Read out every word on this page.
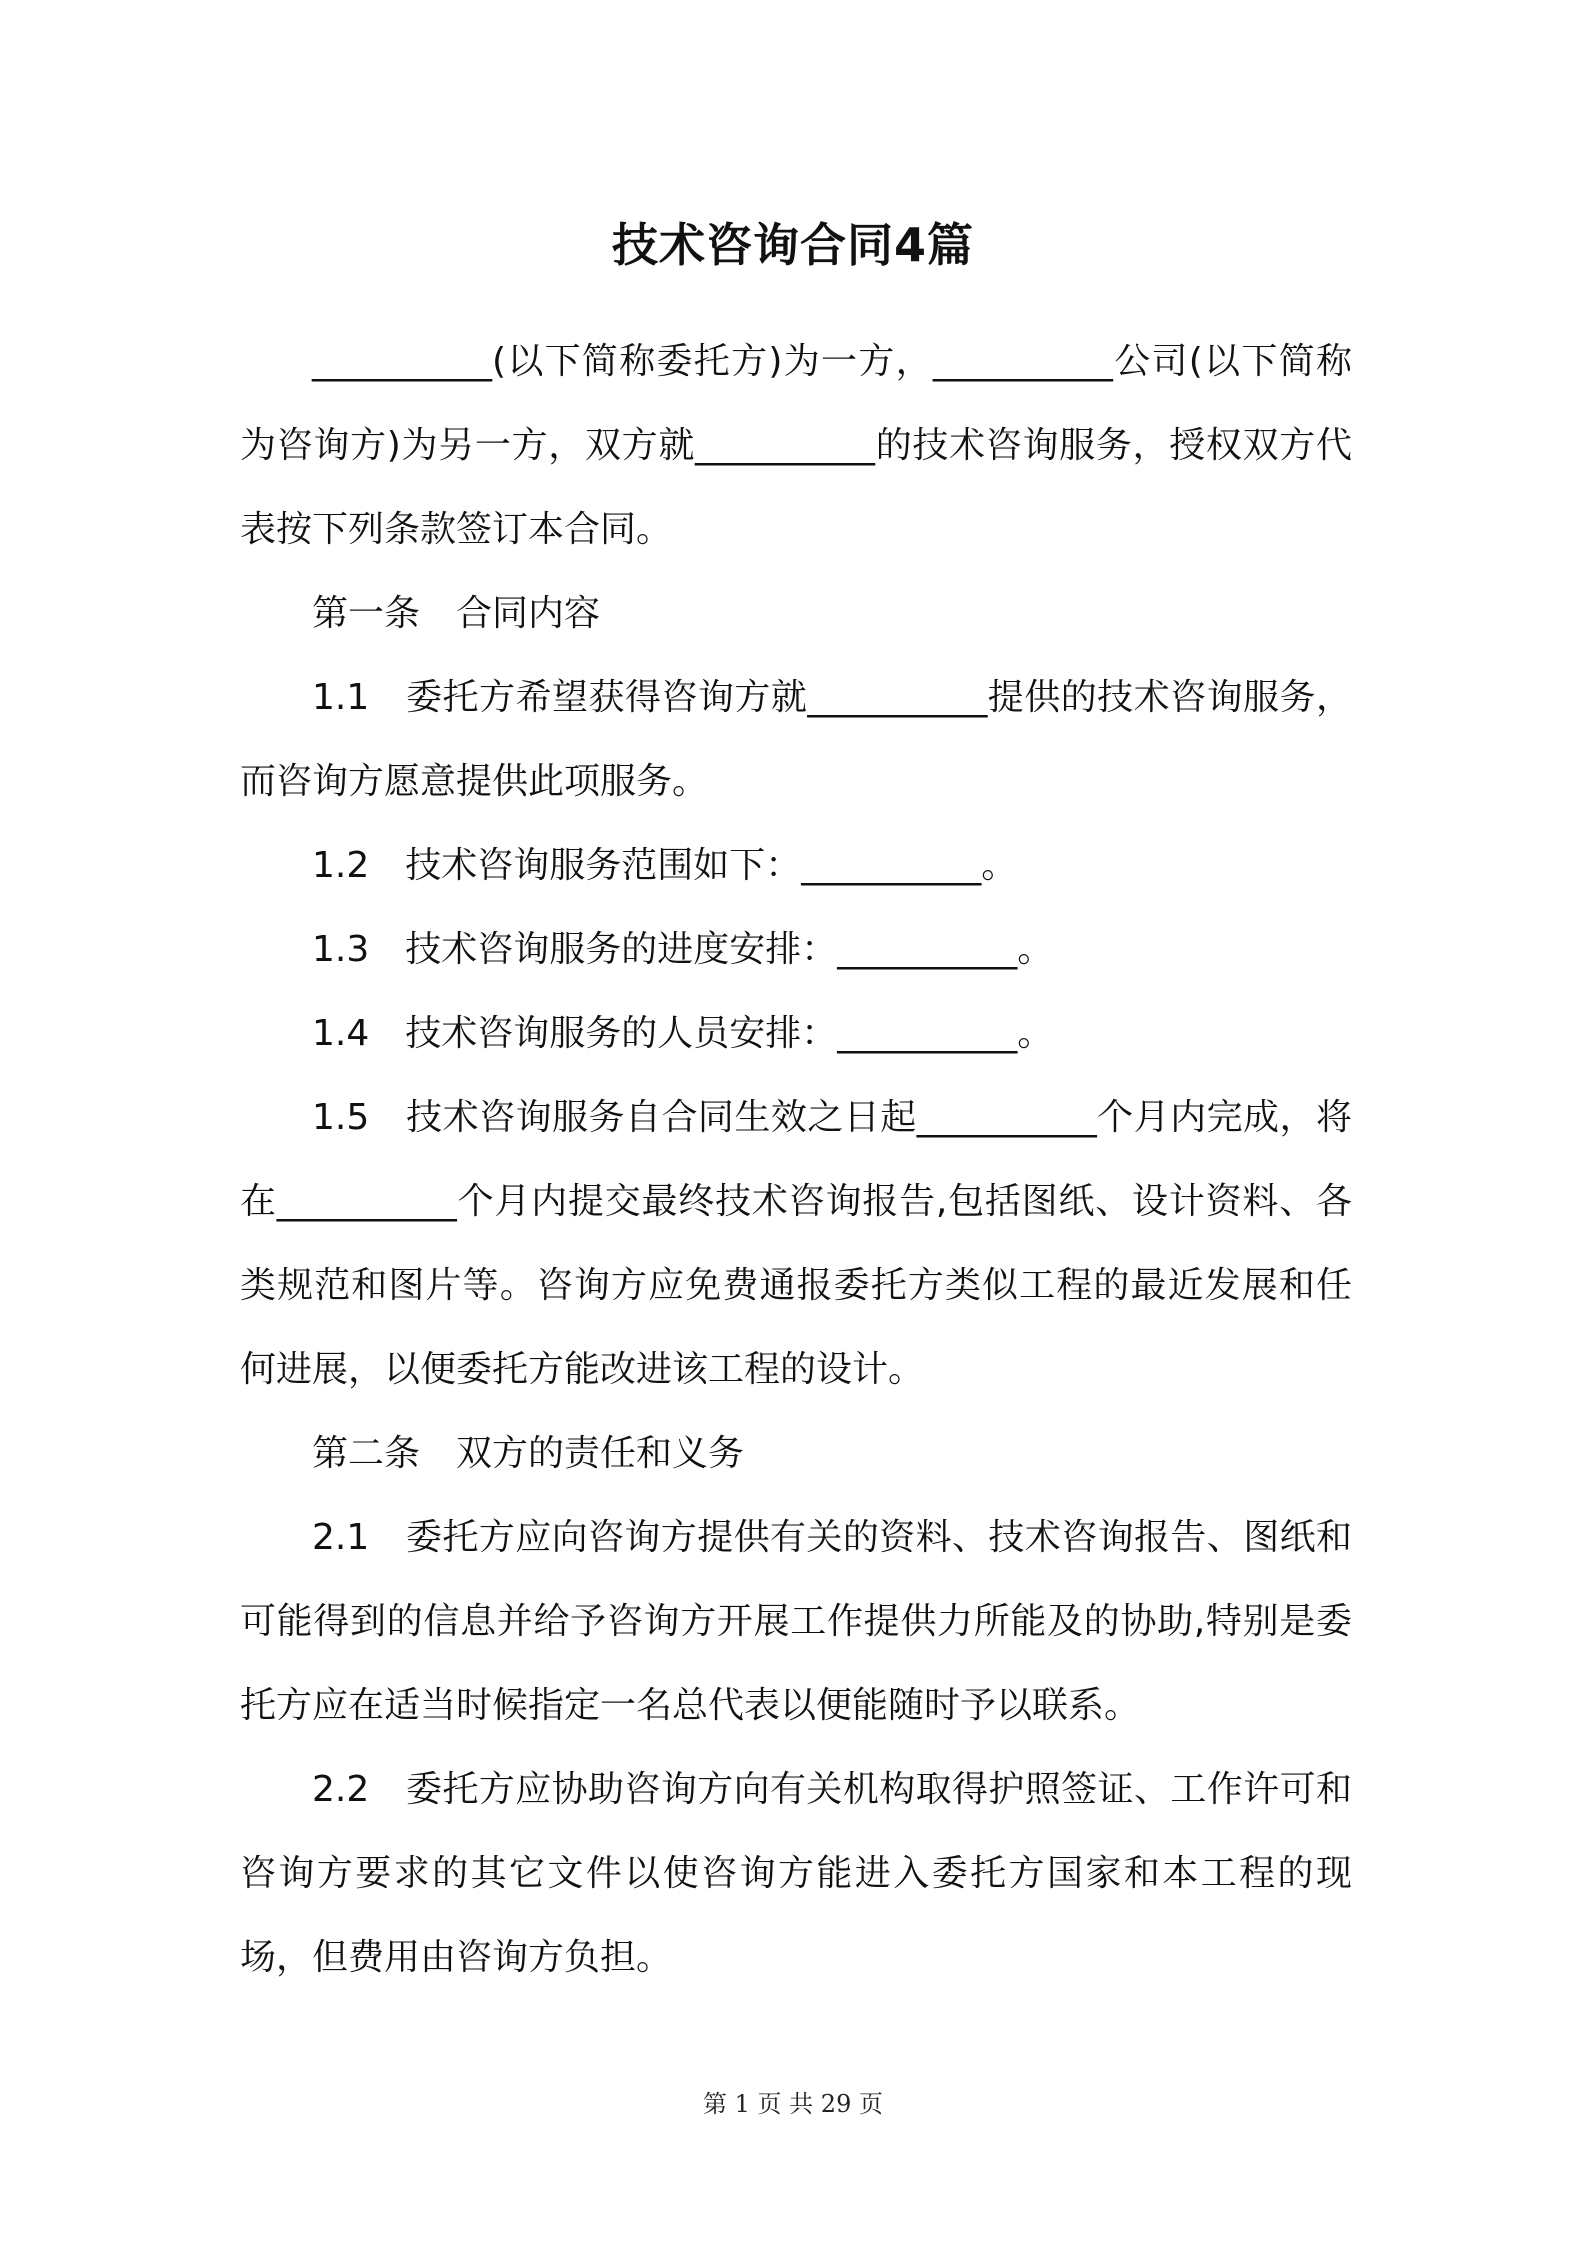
技术咨询合同4篇

__________(以下简称委托方)为一方，__________公司(以下简称为咨询方)为另一方，双方就__________的技术咨询服务，授权双方代表按下列条款签订本合同。

第一条　合同内容

1.1　委托方希望获得咨询方就__________提供的技术咨询服务，而咨询方愿意提供此项服务。

1.2　技术咨询服务范围如下：__________。

1.3　技术咨询服务的进度安排：__________。

1.4　技术咨询服务的人员安排：__________。

1.5　技术咨询服务自合同生效之日起__________个月内完成，将在__________个月内提交最终技术咨询报告,包括图纸、设计资料、各类规范和图片等。咨询方应免费通报委托方类似工程的最近发展和任何进展，以便委托方能改进该工程的设计。

第二条　双方的责任和义务

2.1　委托方应向咨询方提供有关的资料、技术咨询报告、图纸和可能得到的信息并给予咨询方开展工作提供力所能及的协助,特别是委托方应在适当时候指定一名总代表以便能随时予以联系。

2.2　委托方应协助咨询方向有关机构取得护照签证、工作许可和咨询方要求的其它文件以使咨询方能进入委托方国家和本工程的现场，但费用由咨询方负担。

第 1 页 共 29 页
